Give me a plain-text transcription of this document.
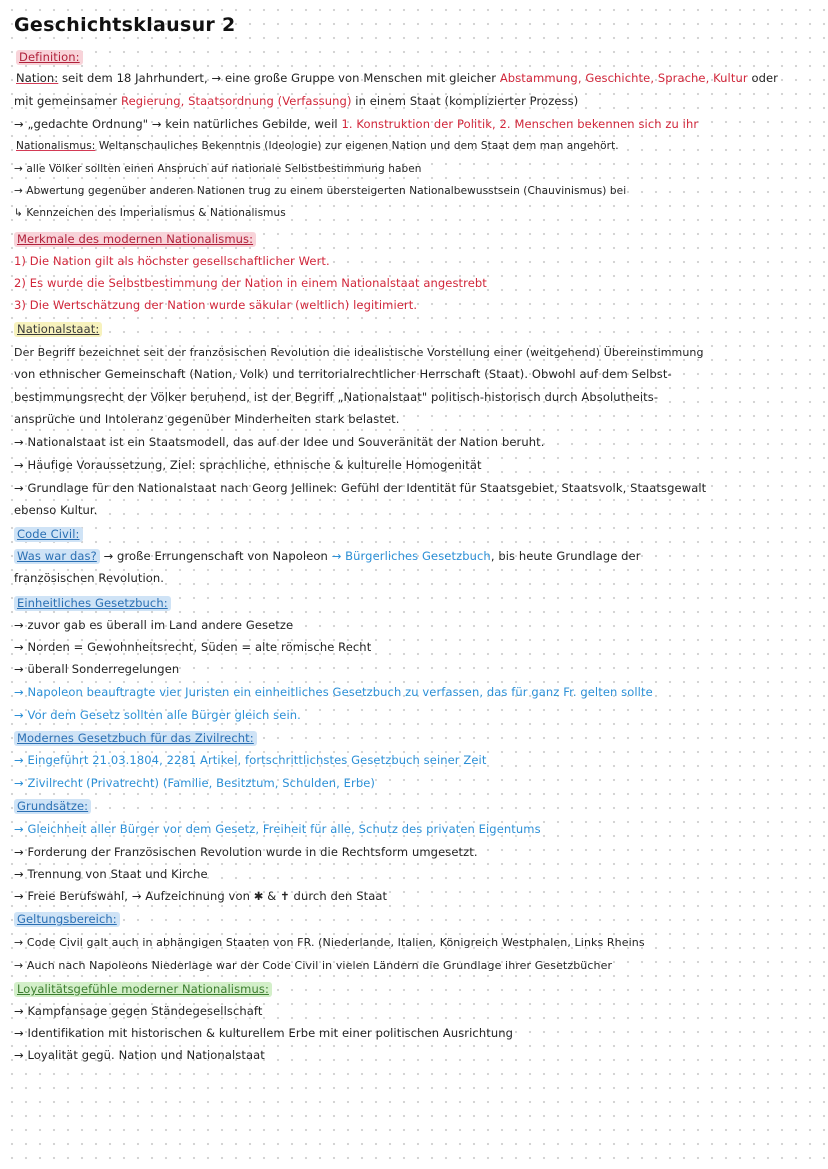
Geschichtsklausur 2
Definition:
Nation: seit dem 18 Jahrhundert, → eine große Gruppe von Menschen mit gleicher Abstammung, Geschichte, Sprache, Kultur oder
mit gemeinsamer Regierung, Staatsordnung (Verfassung) in einem Staat (komplizierter Prozess)
→ „gedachte Ordnung" → kein natürliches Gebilde, weil 1. Konstruktion der Politik, 2. Menschen bekennen sich zu ihr
Nationalismus: Weltanschauliches Bekenntnis (Ideologie) zur eigenen Nation und dem Staat dem man angehört.
→ alle Völker sollten einen Anspruch auf nationale Selbstbestimmung haben
→ Abwertung gegenüber anderen Nationen trug zu einem übersteigerten Nationalbewusstsein (Chauvinismus) bei
↳ Kennzeichen des Imperialismus & Nationalismus
Merkmale des modernen Nationalismus:
1) Die Nation gilt als höchster gesellschaftlicher Wert.
2) Es wurde die Selbstbestimmung der Nation in einem Nationalstaat angestrebt
3) Die Wertschätzung der Nation wurde säkular (weltlich) legitimiert.
Nationalstaat:
Der Begriff bezeichnet seit der französischen Revolution die idealistische Vorstellung einer (weitgehend) Übereinstimmung
von ethnischer Gemeinschaft (Nation, Volk) und territorialrechtlicher Herrschaft (Staat). Obwohl auf dem Selbst-
bestimmungsrecht der Völker beruhend, ist der Begriff „Nationalstaat" politisch-historisch durch Absolutheits-
ansprüche und Intoleranz gegenüber Minderheiten stark belastet.
→ Nationalstaat ist ein Staatsmodell, das auf der Idee und Souveränität der Nation beruht.
→ Häufige Voraussetzung, Ziel: sprachliche, ethnische & kulturelle Homogenität
→ Grundlage für den Nationalstaat nach Georg Jellinek: Gefühl der Identität für Staatsgebiet, Staatsvolk, Staatsgewalt
ebenso Kultur.
Code Civil:
Was war das? → große Errungenschaft von Napoleon → Bürgerliches Gesetzbuch, bis heute Grundlage der
französischen Revolution.
Einheitliches Gesetzbuch:
→ zuvor gab es überall im Land andere Gesetze
→ Norden = Gewohnheitsrecht, Süden = alte römische Recht
→ überall Sonderregelungen
→ Napoleon beauftragte vier Juristen ein einheitliches Gesetzbuch zu verfassen, das für ganz Fr. gelten sollte
→ Vor dem Gesetz sollten alle Bürger gleich sein.
Modernes Gesetzbuch für das Zivilrecht:
→ Eingeführt 21.03.1804, 2281 Artikel, fortschrittlichstes Gesetzbuch seiner Zeit
→ Zivilrecht (Privatrecht) (Familie, Besitztum, Schulden, Erbe)
Grundsätze:
→ Gleichheit aller Bürger vor dem Gesetz, Freiheit für alle, Schutz des privaten Eigentums
→ Forderung der Französischen Revolution wurde in die Rechtsform umgesetzt.
→ Trennung von Staat und Kirche
→ Freie Berufswahl, → Aufzeichnung von ✱ & ✝ durch den Staat
Geltungsbereich:
→ Code Civil galt auch in abhängigen Staaten von FR. (Niederlande, Italien, Königreich Westphalen, Links Rheins
→ Auch nach Napoleons Niederlage war der Code Civil in vielen Ländern die Grundlage ihrer Gesetzbücher
Loyalitätsgefühle moderner Nationalismus:
→ Kampfansage gegen Ständegesellschaft
→ Identifikation mit historischen & kulturellem Erbe mit einer politischen Ausrichtung
→ Loyalität gegü. Nation und Nationalstaat
